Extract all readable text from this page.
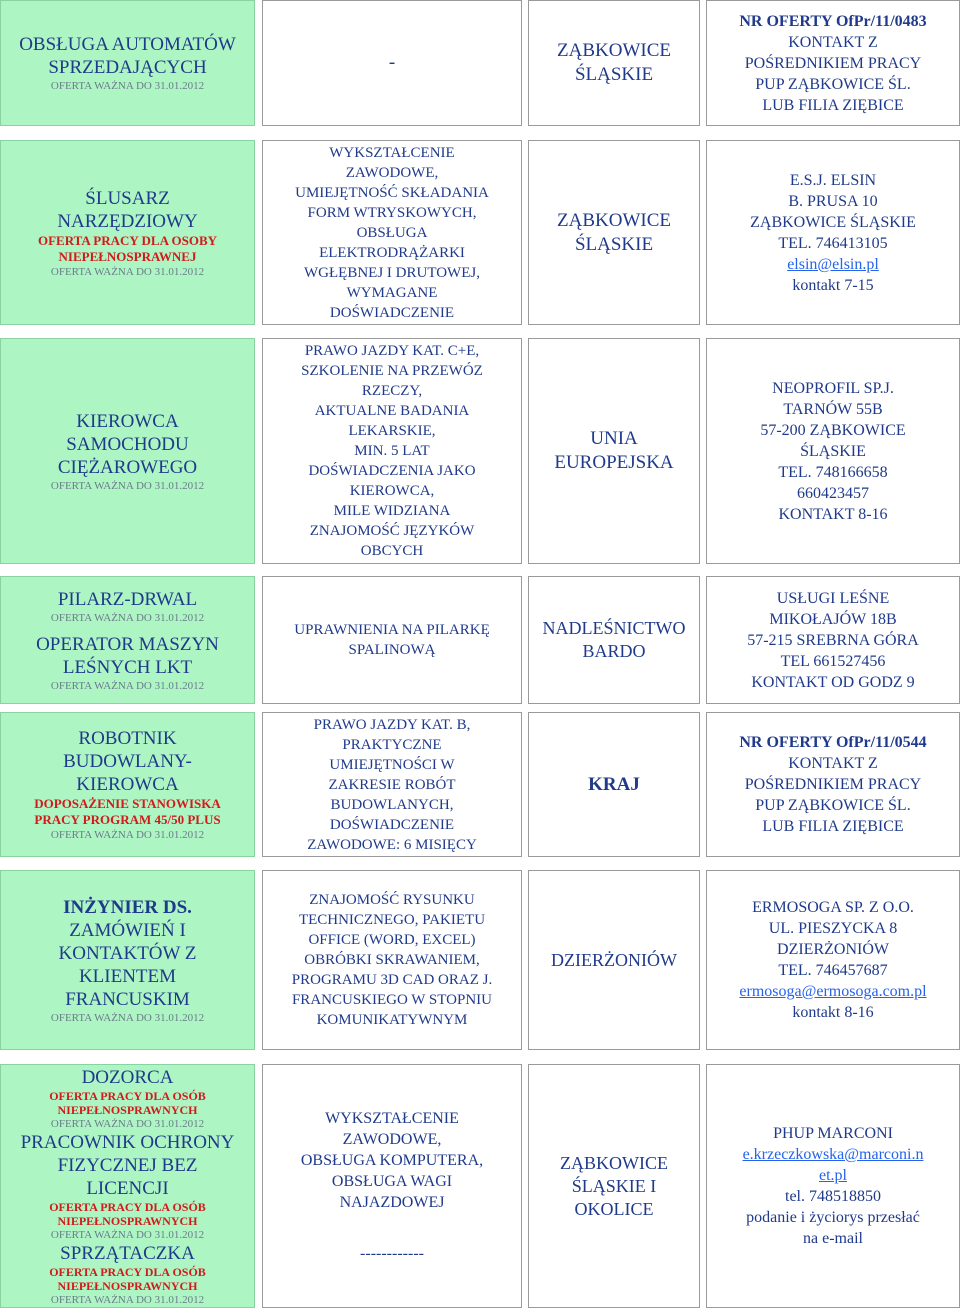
OBSŁUGA AUTOMATÓW
SPRZEDAJĄCYCH
OFERTA WAŻNA DO 31.01.2012
-
ZĄBKOWICE
ŚLĄSKIE
NR OFERTY OfPr/11/0483
KONTAKT Z
POŚREDNIKIEM PRACY
PUP ZĄBKOWICE ŚL.
LUB FILIA ZIĘBICE
ŚLUSARZ
NARZĘDZIOWY
OFERTA PRACY DLA OSOBY
NIEPEŁNOSPRAWNEJ
OFERTA WAŻNA DO 31.01.2012
WYKSZTAŁCENIE
ZAWODOWE,
UMIEJĘTNOŚĆ SKŁADANIA
FORM WTRYSKOWYCH,
OBSŁUGA
ELEKTRODRĄŻARKI
WGŁĘBNEJ I DRUTOWEJ,
WYMAGANE
DOŚWIADCZENIE
ZĄBKOWICE
ŚLĄSKIE
E.S.J. ELSIN
B. PRUSA 10
ZĄBKOWICE ŚLĄSKIE
TEL. 746413105
elsin@elsin.pl
kontakt 7-15
KIEROWCA
SAMOCHODU
CIĘŻAROWEGO
OFERTA WAŻNA DO 31.01.2012
PRAWO JAZDY KAT. C+E,
SZKOLENIE NA PRZEWÓZ
RZECZY,
AKTUALNE BADANIA
LEKARSKIE,
MIN. 5 LAT
DOŚWIADCZENIA JAKO
KIEROWCA,
MILE WIDZIANA
ZNAJOMOŚĆ JĘZYKÓW
OBCYCH
UNIA
EUROPEJSKA
NEOPROFIL SP.J.
TARNÓW 55B
57-200 ZĄBKOWICE
ŚLĄSKIE
TEL. 748166658
660423457
KONTAKT 8-16
PILARZ-DRWAL
OFERTA WAŻNA DO 31.01.2012
OPERATOR MASZYN
LEŚNYCH LKT
OFERTA WAŻNA DO 31.01.2012
UPRAWNIENIA NA PILARKĘ
SPALINOWĄ
NADLEŚNICTWO
BARDO
USŁUGI LEŚNE
MIKOŁAJÓW 18B
57-215 SREBRNA GÓRA
TEL 661527456
KONTAKT OD GODZ 9
ROBOTNIK
BUDOWLANY-
KIEROWCA
DOPOSAŻENIE STANOWISKA
PRACY PROGRAM 45/50 PLUS
OFERTA WAŻNA DO 31.01.2012
PRAWO JAZDY KAT. B,
PRAKTYCZNE
UMIEJĘTNOŚCI W
ZAKRESIE ROBÓT
BUDOWLANYCH,
DOŚWIADCZENIE
ZAWODOWE: 6 MISIĘCY
KRAJ
NR OFERTY OfPr/11/0544
KONTAKT Z
POŚREDNIKIEM PRACY
PUP ZĄBKOWICE ŚL.
LUB FILIA ZIĘBICE
INŻYNIER DS.
ZAMÓWIEŃ I
KONTAKTÓW Z
KLIENTEM
FRANCUSKIM
OFERTA WAŻNA DO 31.01.2012
ZNAJOMOŚĆ RYSUNKU
TECHNICZNEGO, PAKIETU
OFFICE (WORD, EXCEL)
OBRÓBKI SKRAWANIEM,
PROGRAMU 3D CAD ORAZ J.
FRANCUSKIEGO W STOPNIU
KOMUNIKATYWNYM
DZIERŻONIÓW
ERMOSOGA SP. Z O.O.
UL. PIESZYCKA 8
DZIERŻONIÓW
TEL. 746457687
ermosoga@ermosoga.com.pl
kontakt 8-16
DOZORCA
OFERTA PRACY DLA OSÓB
NIEPEŁNOSPRAWNYCH
OFERTA WAŻNA DO 31.01.2012
PRACOWNIK OCHRONY
FIZYCZNEJ BEZ
LICENCJI
OFERTA PRACY DLA OSÓB
NIEPEŁNOSPRAWNYCH
OFERTA WAŻNA DO 31.01.2012
SPRZĄTACZKA
OFERTA PRACY DLA OSÓB
NIEPEŁNOSPRAWNYCH
OFERTA WAŻNA DO 31.01.2012
WYKSZTAŁCENIE
ZAWODOWE,
OBSŁUGA KOMPUTERA,
OBSŁUGA WAGI
NAJAZDOWEJ
------------
ZĄBKOWICE
ŚLĄSKIE I
OKOLICE
PHUP MARCONI
e.krzeczkowska@marconi.n
et.pl
tel. 748518850
podanie i życiorys przesłać
na e-mail
